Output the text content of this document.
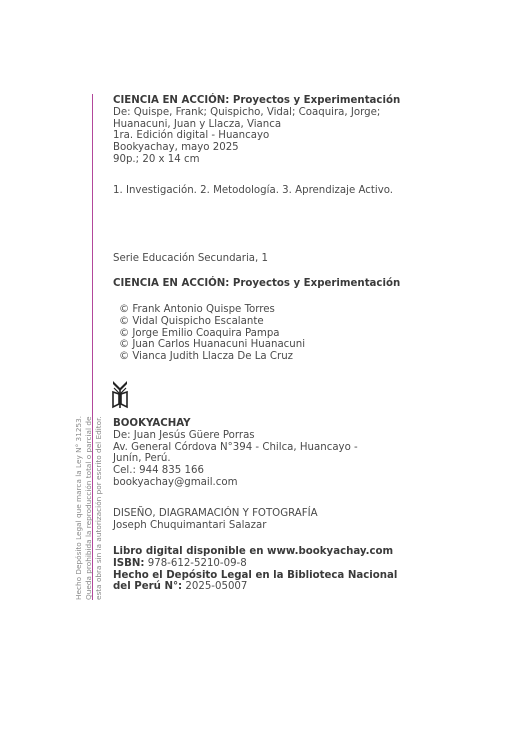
Hecho Depósito Legal que marca la Ley N° 31253. Queda prohibida la reproducción total o parcial de esta obra sin la autorización por escrito del Editor.
CIENCIA EN ACCIÓN: Proyectos y Experimentación
De: Quispe, Frank; Quispicho, Vidal; Coaquira, Jorge;
Huanacuni, Juan y Llacza, Vianca
1ra. Edición digital - Huancayo
Bookyachay, mayo 2025
90p.; 20 x 14 cm
1. Investigación. 2. Metodología. 3. Aprendizaje Activo.
Serie Educación Secundaria, 1
CIENCIA EN ACCIÓN: Proyectos y Experimentación
© Frank Antonio Quispe Torres
© Vidal Quispicho Escalante
© Jorge Emilio Coaquira Pampa
© Juan Carlos Huanacuni Huanacuni
© Vianca Judith Llacza De La Cruz
BOOKYACHAY
De: Juan Jesús Güere Porras
Av. General Córdova N°394 - Chilca, Huancayo -
Junín, Perú.
Cel.: 944 835 166
bookyachay@gmail.com
DISEÑO, DIAGRAMACIÓN Y FOTOGRAFÍA
Joseph Chuquimantari Salazar
Libro digital disponible en www.bookyachay.com
ISBN: 978-612-5210-09-8
Hecho el Depósito Legal en la Biblioteca Nacional
del Perú N°: 2025-05007
